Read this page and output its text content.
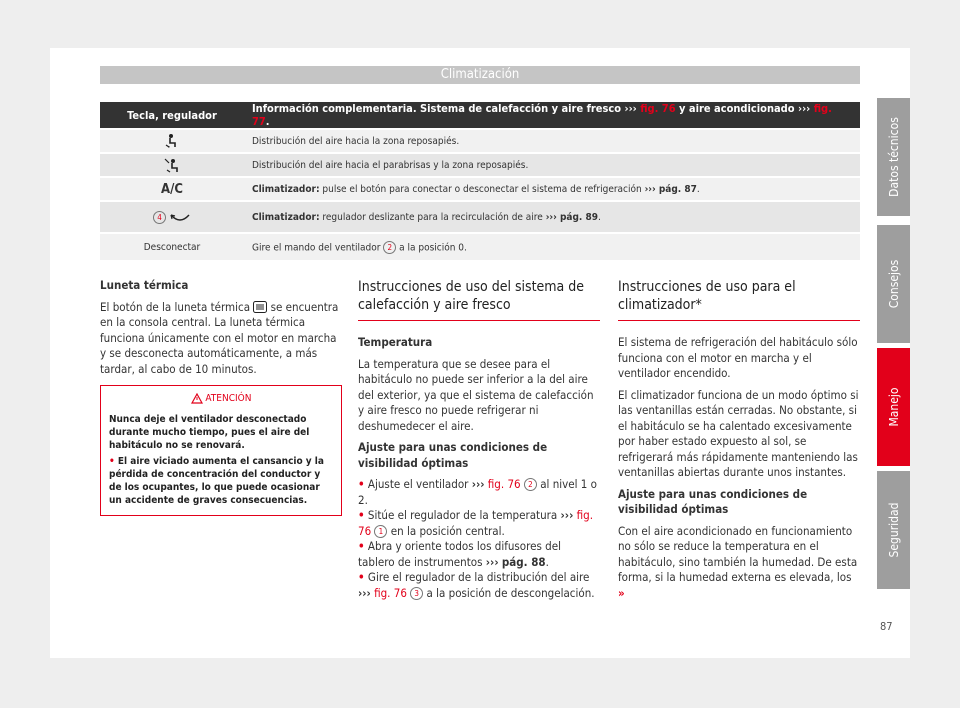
Climatización
Datos técnicos
Consejos
Manejo
Seguridad
Tecla, regulador	Información complementaria. Sistema de calefacción y aire fresco ››› fig. 76 y aire acondicionado ››› fig. 77.
	Distribución del aire hacia la zona reposapiés.
	Distribución del aire hacia el parabrisas y la zona reposapiés.
A/C	Climatizador: pulse el botón para conectar o desconectar el sistema de refrigeración ››› pág. 87.
4	Climatizador: regulador deslizante para la recirculación de aire ››› pág. 89.
Desconectar	Gire el mando del ventilador 2 a la posición 0.

Luneta térmica

El botón de la luneta térmica  se encuentra en la consola central. La luneta térmica funciona únicamente con el motor en marcha y se desconecta automáticamente, a más tardar, al cabo de 10 minutos.

ATENCIÓN
Nunca deje el ventilador desconectado durante mucho tiempo, pues el aire del habitáculo no se renovará.
• El aire viciado aumenta el cansancio y la pérdida de concentración del conductor y de los ocupantes, lo que puede ocasionar un accidente de graves consecuencias.
Instrucciones de uso del sistema de calefacción y aire fresco

Temperatura

La temperatura que se desee para el habitáculo no puede ser inferior a la del aire del exterior, ya que el sistema de calefacción y aire fresco no puede refrigerar ni deshumedecer el aire.

Ajuste para unas condiciones de visibilidad óptimas

• Ajuste el ventilador ››› fig. 76 2 al nivel 1 o 2.
• Sitúe el regulador de la temperatura ››› fig. 76 1 en la posición central.
• Abra y oriente todos los difusores del tablero de instrumentos ››› pág. 88.
• Gire el regulador de la distribución del aire ››› fig. 76 3 a la posición de descongelación.
Instrucciones de uso para el climatizador*

El sistema de refrigeración del habitáculo sólo funciona con el motor en marcha y el ventilador encendido.

El climatizador funciona de un modo óptimo si las ventanillas están cerradas. No obstante, si el habitáculo se ha calentado excesivamente por haber estado expuesto al sol, se refrigerará más rápidamente manteniendo las ventanillas abiertas durante unos instantes.

Ajuste para unas condiciones de visibilidad óptimas

Con el aire acondicionado en funcionamiento no sólo se reduce la temperatura en el habitáculo, sino también la humedad. De esta forma, si la humedad externa es elevada, los »

87
